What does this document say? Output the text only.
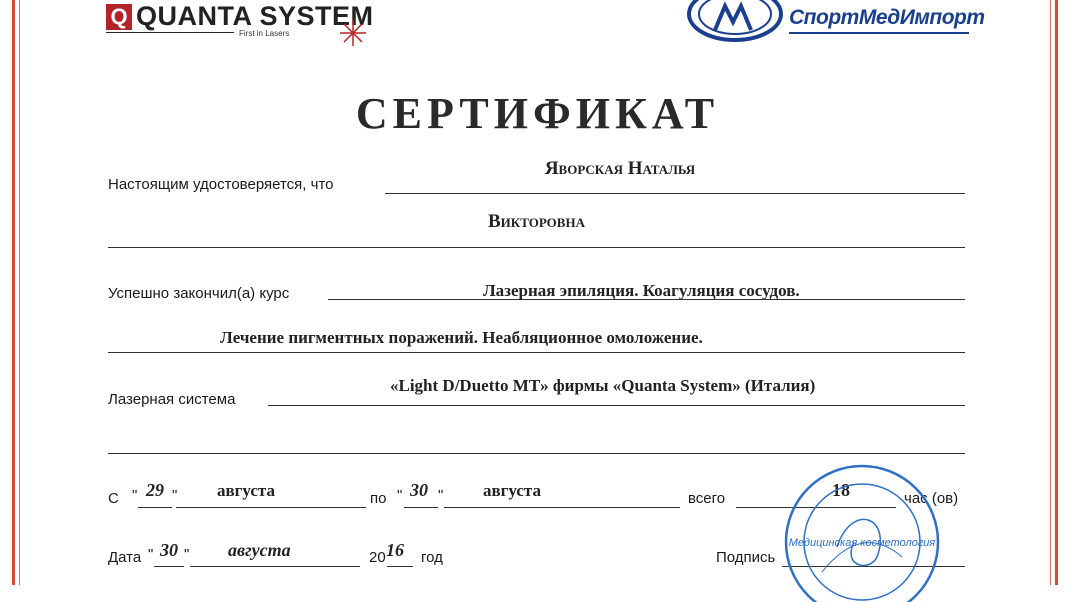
Q QUANTA SYSTEM
First in Lasers
СпортМедИмпорт
СЕРТИФИКАТ
Настоящим удостоверяется, что
Яворская Наталья
Викторовна
Успешно закончил(а) курс	Лазерная эпиляция. Коагуляция сосудов.
Лечение пигментных поражений. Неабляционное омоложение.
Лазерная система
«Light D/Duetto MT» фирмы «Quanta System» (Италия)
С " 29 "	августа	по " 30 "	августа	всего	18	час (ов)
Дата " 30 " августа	20 16 год	Подпись
Медицинская косметология
